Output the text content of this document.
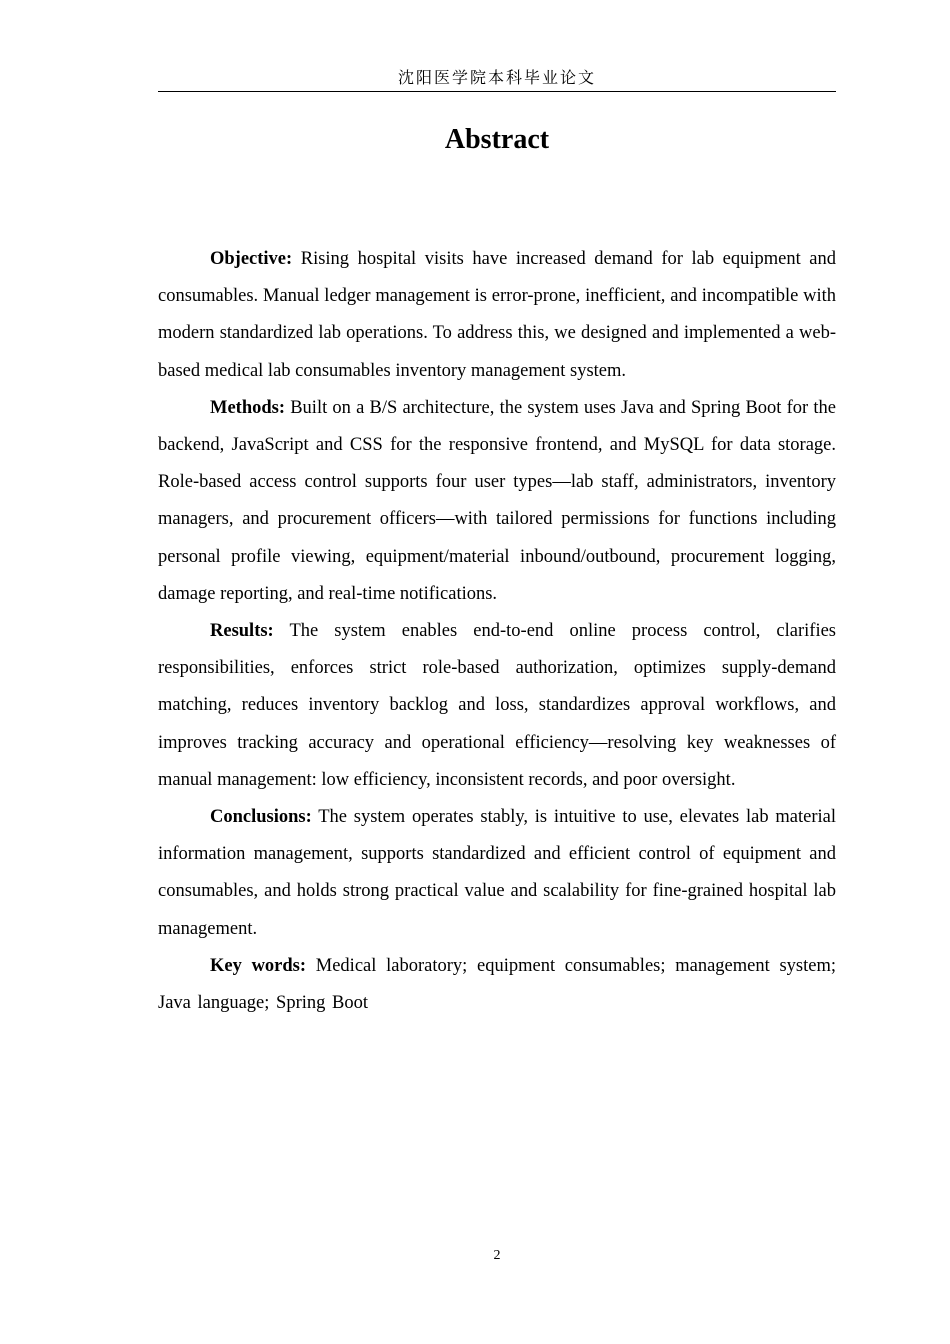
沈阳医学院本科毕业论文
Abstract

Objective: Rising hospital visits have increased demand for lab equipment and consumables. Manual ledger management is error-prone, inefficient, and incompatible with modern standardized lab operations. To address this, we designed and implemented a web-based medical lab consumables inventory management system.

Methods: Built on a B/S architecture, the system uses Java and Spring Boot for the backend, JavaScript and CSS for the responsive frontend, and MySQL for data storage. Role-based access control supports four user types—lab staff, administrators, inventory managers, and procurement officers—with tailored permissions for functions including personal profile viewing, equipment/material inbound/outbound, procurement logging, damage reporting, and real-time notifications.

Results: The system enables end-to-end online process control, clarifies responsibilities, enforces strict role-based authorization, optimizes supply-demand matching, reduces inventory backlog and loss, standardizes approval workflows, and improves tracking accuracy and operational efficiency—resolving key weaknesses of manual management: low efficiency, inconsistent records, and poor oversight.

Conclusions: The system operates stably, is intuitive to use, elevates lab material information management, supports standardized and efficient control of equipment and consumables, and holds strong practical value and scalability for fine-grained hospital lab management.

Key words: Medical laboratory; equipment consumables; management system; Java language; Spring Boot

2
